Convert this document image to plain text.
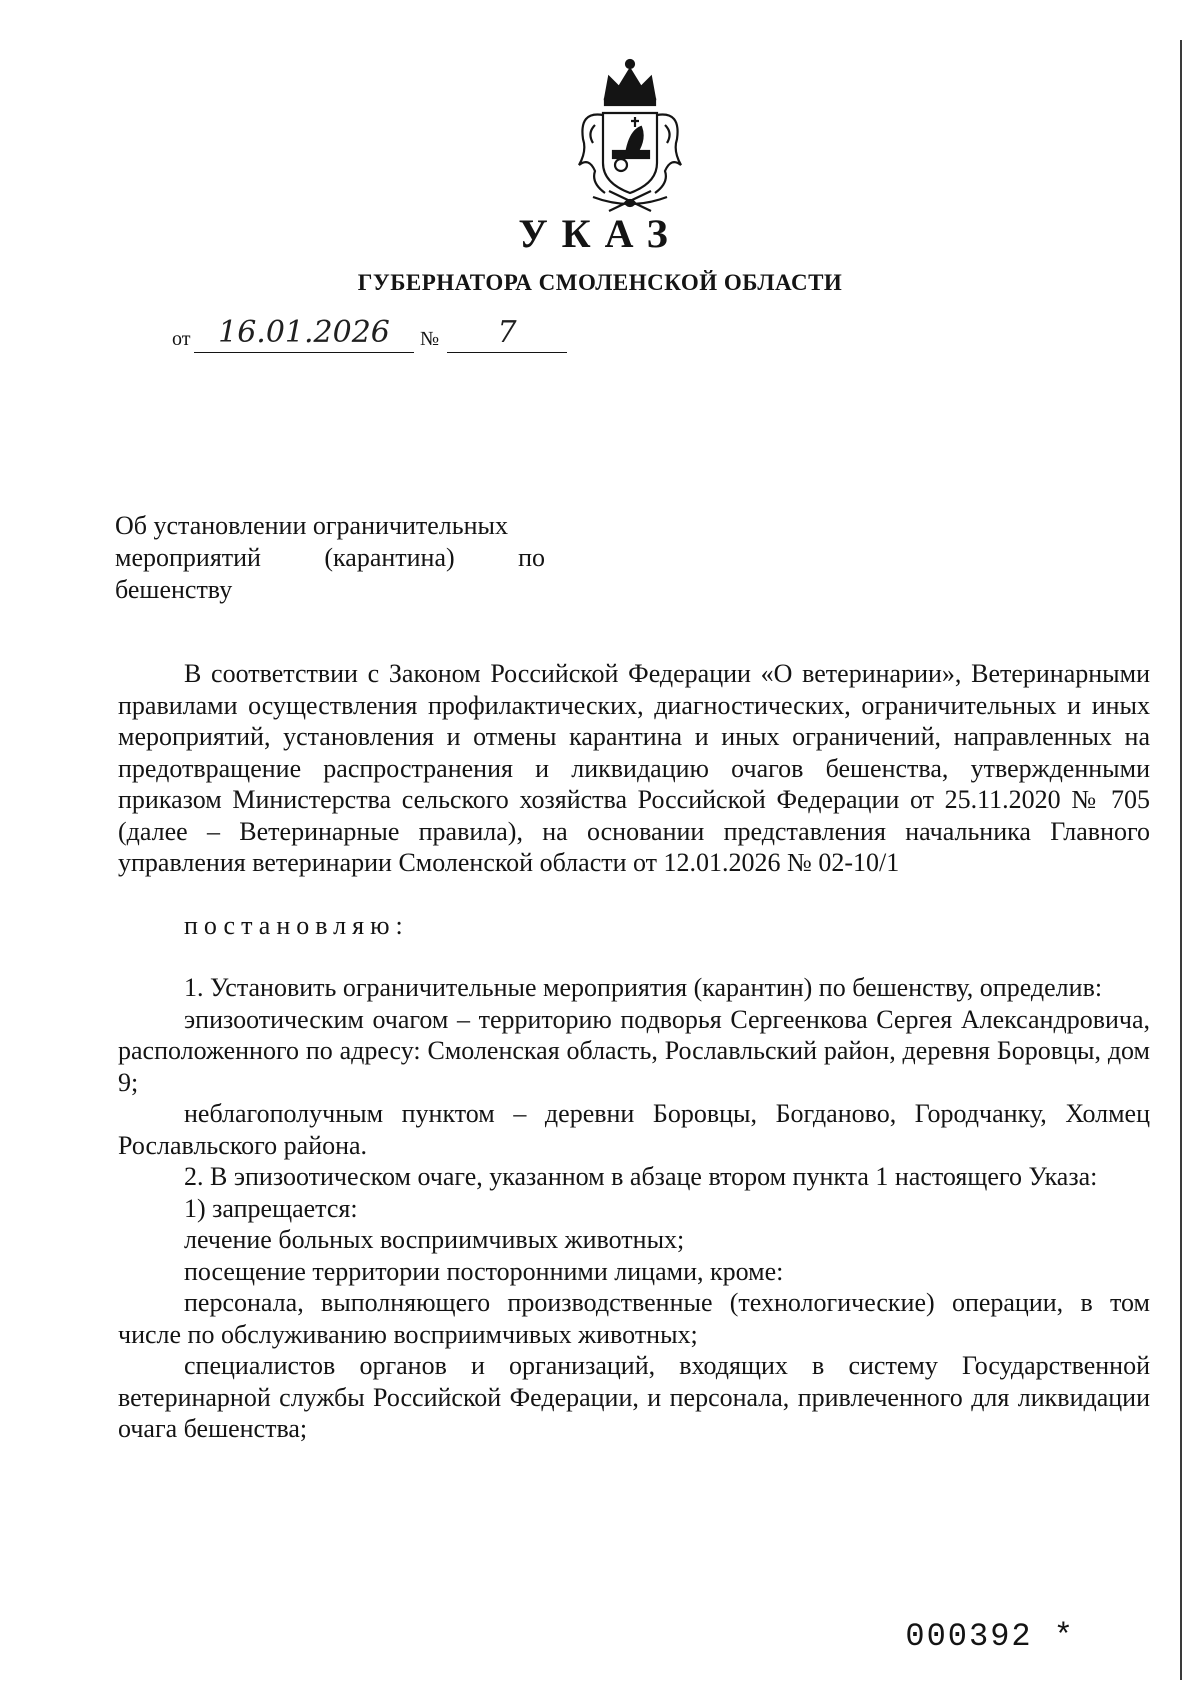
УКАЗ
ГУБЕРНАТОРА СМОЛЕНСКОЙ ОБЛАСТИ
от 16.01.2026	№	7
Об установлении ограничительных
мероприятий (карантина) по
бешенству

В соответствии с Законом Российской Федерации «О ветеринарии», Ветеринарными правилами осуществления профилактических, диагностических, ограничительных и иных мероприятий, установления и отмены карантина и иных ограничений, направленных на предотвращение распространения и ликвидацию очагов бешенства, утвержденными приказом Министерства сельского хозяйства Российской Федерации от 25.11.2020 № 705 (далее – Ветеринарные правила), на основании представления начальника Главного управления ветеринарии Смоленской области от 12.01.2026 № 02-10/1

постановляю:

1. Установить ограничительные мероприятия (карантин) по бешенству, определив:

эпизоотическим очагом – территорию подворья Сергеенкова Сергея Александровича, расположенного по адресу: Смоленская область, Рославльский район, деревня Боровцы, дом 9;

неблагополучным пунктом – деревни Боровцы, Богданово, Городчанку, Холмец Рославльского района.

2. В эпизоотическом очаге, указанном в абзаце втором пункта 1 настоящего Указа:

1) запрещается:

лечение больных восприимчивых животных;

посещение территории посторонними лицами, кроме:

персонала, выполняющего производственные (технологические) операции, в том числе по обслуживанию восприимчивых животных;

специалистов органов и организаций, входящих в систему Государственной ветеринарной службы Российской Федерации, и персонала, привлеченного для ликвидации очага бешенства;

000392 *
